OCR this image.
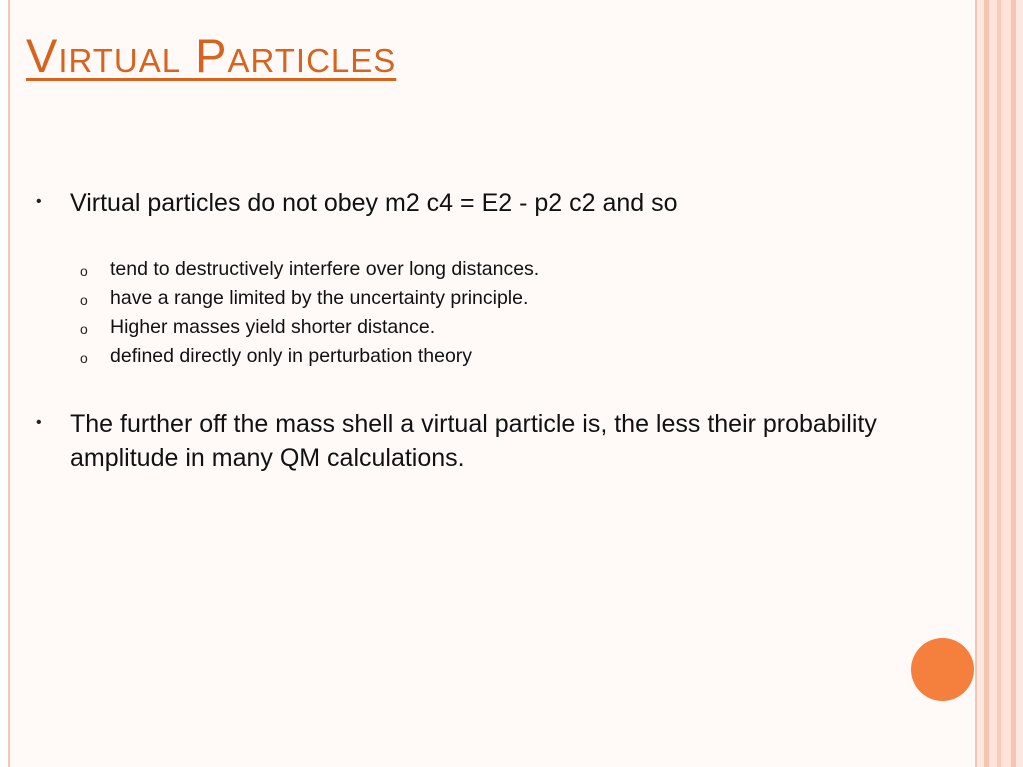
Virtual Particles
•	Virtual particles do not obey m2 c4 = E2 - p2 c2 and so
o	tend to destructively interfere over long distances.
o	have a range limited by the uncertainty principle.
o	Higher masses yield shorter distance.
o	defined directly only in perturbation theory
•	The further off the mass shell a virtual particle is, the less their probability amplitude in many QM calculations.
